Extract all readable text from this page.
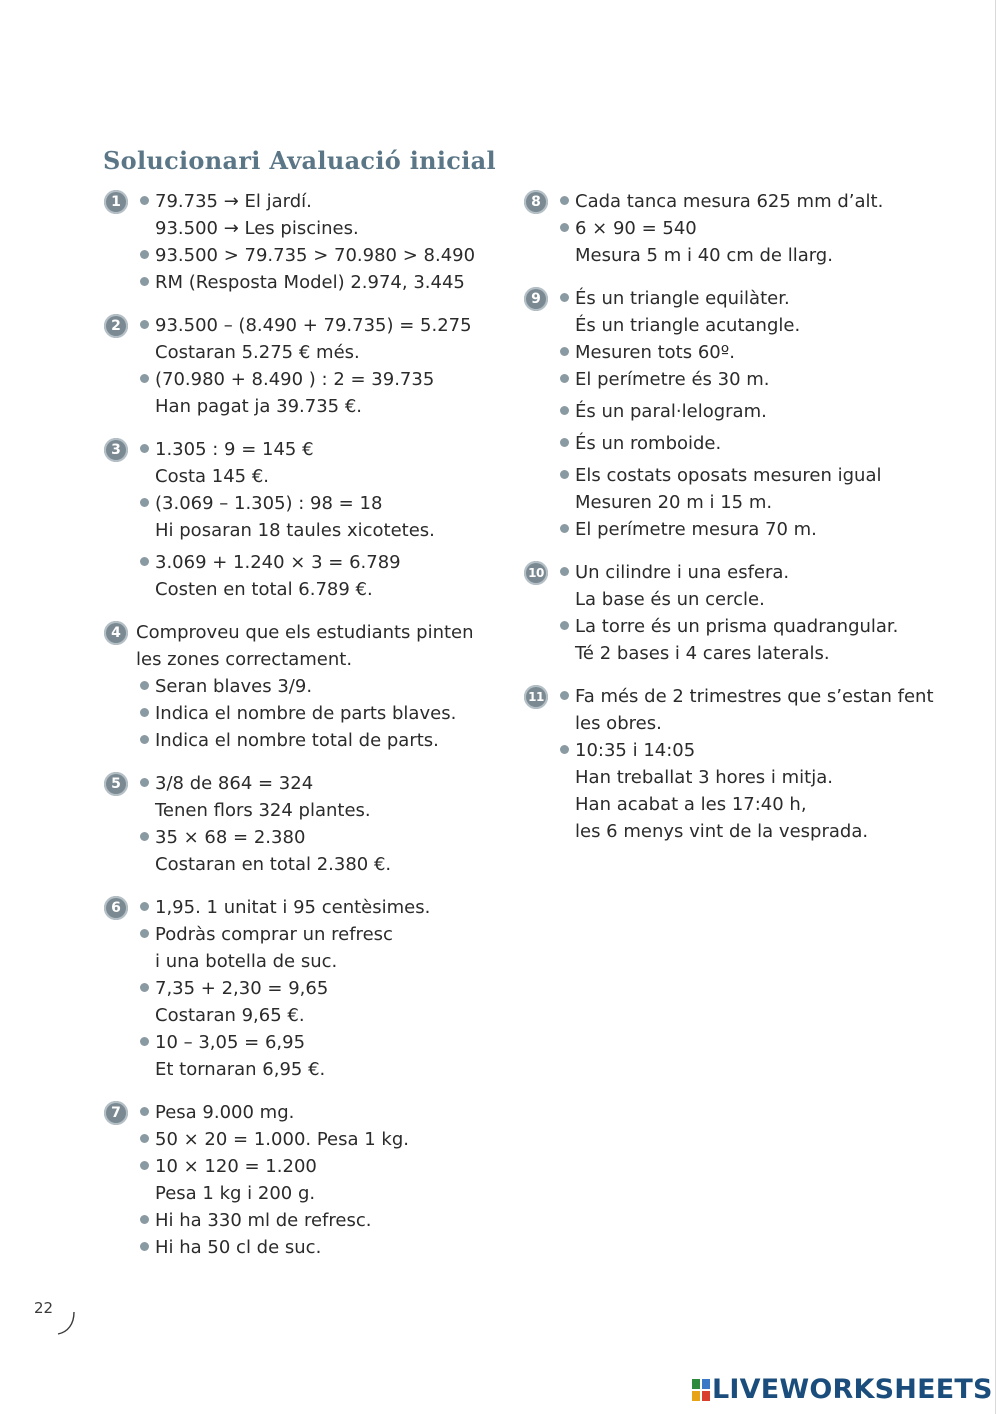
Solucionari Avaluació inicial
1	79.735 → El jardí.
93.500 → Les piscines.
93.500 > 79.735 > 70.980 > 8.490
RM (Resposta Model) 2.974, 3.445
2	93.500 – (8.490 + 79.735) = 5.275
Costaran 5.275 € més.
(70.980 + 8.490 ) : 2 = 39.735
Han pagat ja 39.735 €.
3	1.305 : 9 = 145 €
Costa 145 €.
(3.069 – 1.305) : 98 = 18
Hi posaran 18 taules xicotetes.
3.069 + 1.240 × 3 = 6.789
Costen en total 6.789 €.
4 Comproveu que els estudiants pinten
les zones correctament.
Seran blaves 3/9.
Indica el nombre de parts blaves.
Indica el nombre total de parts.
5	3/8 de 864 = 324
Tenen flors 324 plantes.
35 × 68 = 2.380
Costaran en total 2.380 €.
6	1,95. 1 unitat i 95 centèsimes.
Podràs comprar un refresc
i una botella de suc.
7,35 + 2,30 = 9,65
Costaran 9,65 €.
10 – 3,05 = 6,95
Et tornaran 6,95 €.
7	Pesa 9.000 mg.
50 × 20 = 1.000. Pesa 1 kg.
10 × 120 = 1.200
Pesa 1 kg i 200 g.
Hi ha 330 ml de refresc.
Hi ha 50 cl de suc.
8	Cada tanca mesura 625 mm d’alt.
6 × 90 = 540
Mesura 5 m i 40 cm de llarg.
9	És un triangle equilàter.
És un triangle acutangle.
Mesuren tots 60º.
El perímetre és 30 m.
És un paral·lelogram.
És un romboide.
Els costats oposats mesuren igual
Mesuren 20 m i 15 m.
El perímetre mesura 70 m.
10	Un cilindre i una esfera.
La base és un cercle.
La torre és un prisma quadrangular.
Té 2 bases i 4 cares laterals.
11	Fa més de 2 trimestres que s’estan fent
les obres.
10:35 i 14:05
Han treballat 3 hores i mitja.
Han acabat a les 17:40 h,
les 6 menys vint de la vesprada.
22
LIVEWORKSHEETS
